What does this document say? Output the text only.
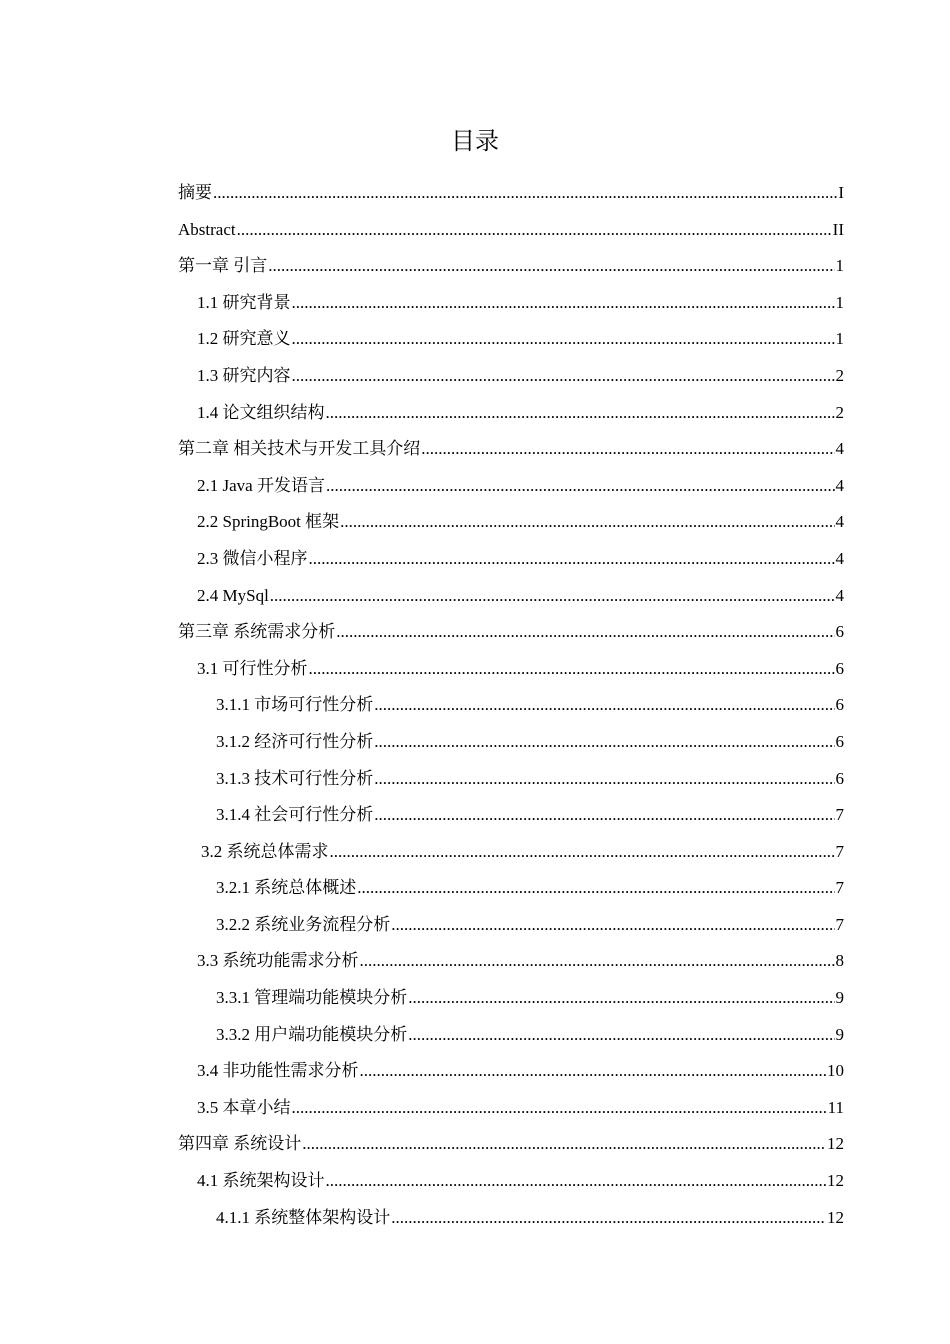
目录
摘要 .....	I
Abstract .....	II
第一章 引言 .....	1
1.1 研究背景 .....	1
1.2 研究意义 .....	1
1.3 研究内容 .....	2
1.4 论文组织结构 .....	2
第二章 相关技术与开发工具介绍 .....	4
2.1 Java 开发语言 .....	4
2.2 SpringBoot 框架 .....	4
2.3 微信小程序 .....	4
2.4 MySql .....	4
第三章 系统需求分析 .....	6
3.1 可行性分析 .....	6
3.1.1 市场可行性分析 .....	6
3.1.2 经济可行性分析 .....	6
3.1.3 技术可行性分析 .....	6
3.1.4 社会可行性分析 .....	7
3.2 系统总体需求 .....	7
3.2.1 系统总体概述 .....	7
3.2.2 系统业务流程分析 .....	7
3.3 系统功能需求分析 .....	8
3.3.1 管理端功能模块分析 .....	9
3.3.2 用户端功能模块分析 .....	9
3.4 非功能性需求分析 .....	10
3.5 本章小结 .....	11
第四章 系统设计 .....	12
4.1 系统架构设计 .....	12
4.1.1 系统整体架构设计 .....	12
